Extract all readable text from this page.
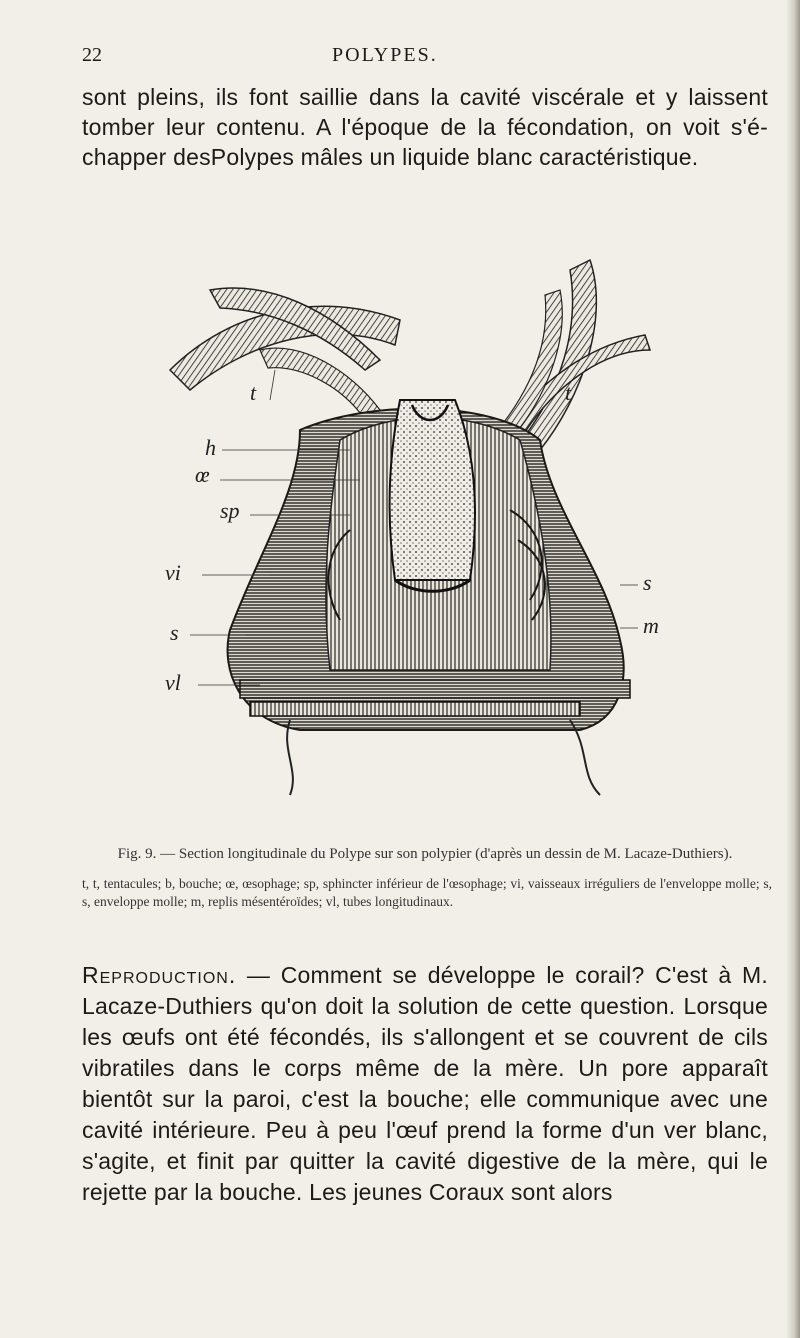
22	POLYPES.

sont pleins, ils font saillie dans la cavité viscérale et y laissent tomber leur contenu. A l'époque de la fécondation, on voit s'é-chapper desPolypes mâles un liquide blanc caractéristique.

t	t
h
œ
sp
vi
s
s
m
vl
Fig. 9. — Section longitudinale du Polype sur son polypier (d'après un dessin de M. Lacaze-Duthiers).
t, t, tentacules; b, bouche; œ, œsophage; sp, sphincter inférieur de l'œsophage; vi, vaisseaux irréguliers de l'enveloppe molle; s, s, enveloppe molle; m, replis mésentéroïdes; vl, tubes longitudinaux.

Reproduction. — Comment se développe le corail? C'est à M. Lacaze-Duthiers qu'on doit la solution de cette question. Lorsque les œufs ont été fécondés, ils s'allongent et se couvrent de cils vibratiles dans le corps même de la mère. Un pore apparaît bientôt sur la paroi, c'est la bouche; elle communique avec une cavité intérieure. Peu à peu l'œuf prend la forme d'un ver blanc, s'agite, et finit par quitter la cavité digestive de la mère, qui le rejette par la bouche. Les jeunes Coraux sont alors
